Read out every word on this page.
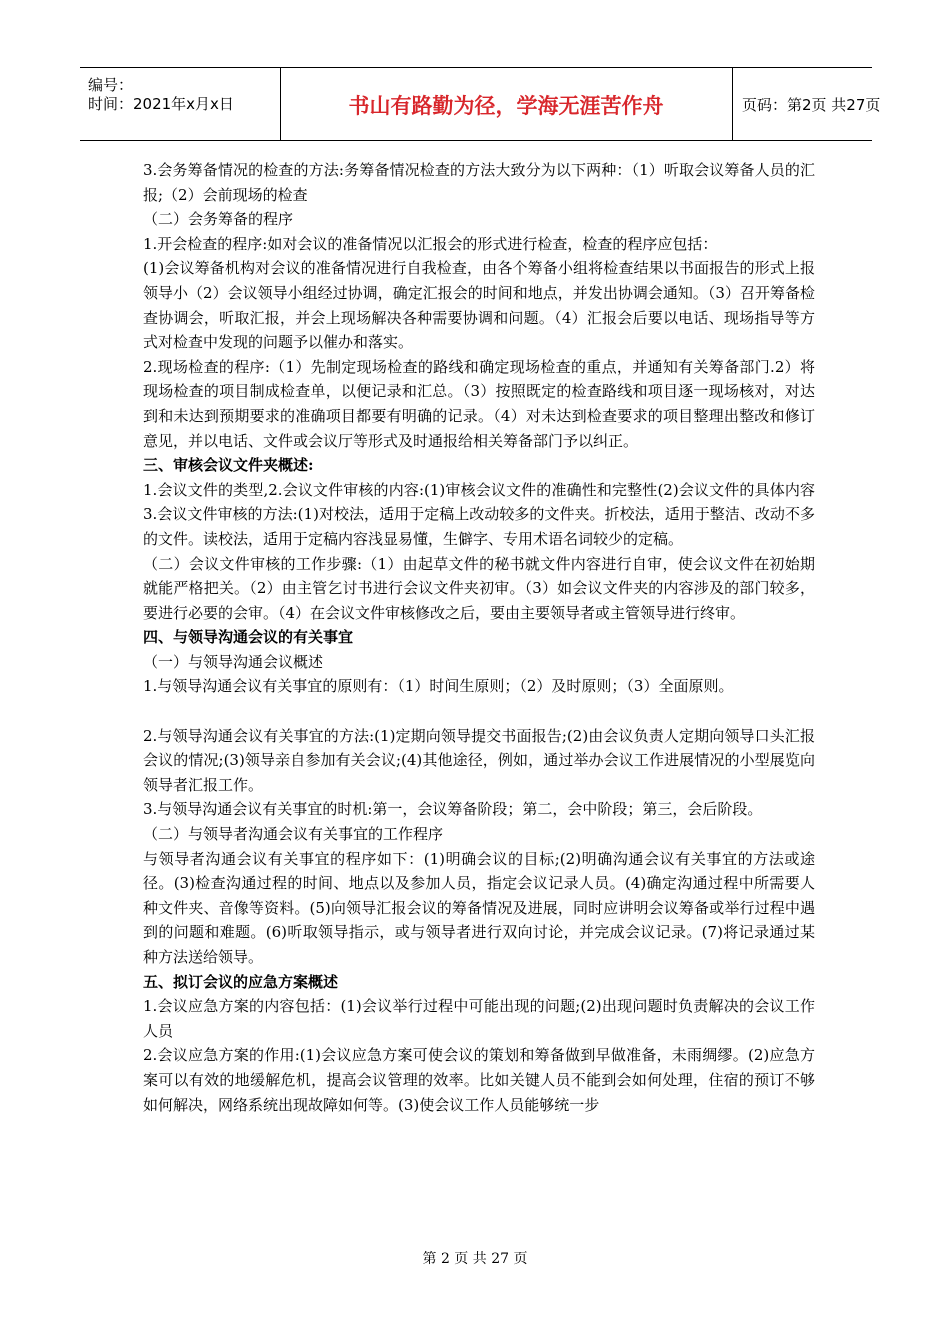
编号：
时间：2021年x月x日	书山有路勤为径，学海无涯苦作舟	页码：第2页 共27页

3.会务筹备情况的检查的方法:务筹备情况检查的方法大致分为以下两种：（1）听取会议筹备人员的汇报;（2）会前现场的检查

（二）会务筹备的程序

1.开会检查的程序:如对会议的准备情况以汇报会的形式进行检查，检查的程序应包括：

(1)会议筹备机构对会议的准备情况进行自我检查，由各个筹备小组将检查结果以书面报告的形式上报领导小（2）会议领导小组经过协调，确定汇报会的时间和地点，并发出协调会通知。（3）召开筹备检查协调会，听取汇报，并会上现场解决各种需要协调和问题。（4）汇报会后要以电话、现场指导等方式对检查中发现的问题予以催办和落实。

2.现场检查的程序:（1）先制定现场检查的路线和确定现场检查的重点，并通知有关筹备部门.2）将现场检查的项目制成检查单，以便记录和汇总。（3）按照既定的检查路线和项目逐一现场核对，对达到和未达到预期要求的准确项目都要有明确的记录。（4）对未达到检查要求的项目整理出整改和修订意见，并以电话、文件或会议厅等形式及时通报给相关筹备部门予以纠正。

三、审核会议文件夹概述:

1.会议文件的类型,2.会议文件审核的内容:(1)审核会议文件的准确性和完整性(2)会议文件的具体内容3.会议文件审核的方法:(1)对校法，适用于定稿上改动较多的文件夹。折校法，适用于整洁、改动不多的文件。读校法，适用于定稿内容浅显易懂，生僻字、专用术语名词较少的定稿。

（二）会议文件审核的工作步骤:（1）由起草文件的秘书就文件内容进行自审，使会议文件在初始期就能严格把关。（2）由主管乞讨书进行会议文件夹初审。（3）如会议文件夹的内容涉及的部门较多，要进行必要的会审。（4）在会议文件审核修改之后，要由主要领导者或主管领导进行终审。

四、与领导沟通会议的有关事宜

（一）与领导沟通会议概述

1.与领导沟通会议有关事宜的原则有：（1）时间生原则；（2）及时原则；（3）全面原则。

2.与领导沟通会议有关事宜的方法:(1)定期向领导提交书面报告;(2)由会议负责人定期向领导口头汇报会议的情况;(3)领导亲自参加有关会议;(4)其他途径，例如，通过举办会议工作进展情况的小型展览向领导者汇报工作。

3.与领导沟通会议有关事宜的时机:第一，会议筹备阶段；第二，会中阶段；第三，会后阶段。

（二）与领导者沟通会议有关事宜的工作程序

与领导者沟通会议有关事宜的程序如下：(1)明确会议的目标;(2)明确沟通会议有关事宜的方法或途径。(3)检查沟通过程的时间、地点以及参加人员，指定会议记录人员。(4)确定沟通过程中所需要人种文件夹、音像等资料。(5)向领导汇报会议的筹备情况及进展，同时应讲明会议筹备或举行过程中遇到的问题和难题。(6)听取领导指示，或与领导者进行双向讨论，并完成会议记录。(7)将记录通过某种方法送给领导。

五、拟订会议的应急方案概述

1.会议应急方案的内容包括：(1)会议举行过程中可能出现的问题;(2)出现问题时负责解决的会议工作人员

2.会议应急方案的作用:(1)会议应急方案可使会议的策划和筹备做到早做准备，未雨绸缪。(2)应急方案可以有效的地缓解危机，提高会议管理的效率。比如关键人员不能到会如何处理，住宿的预订不够如何解决，网络系统出现故障如何等。(3)使会议工作人员能够统一步

第 2 页 共 27 页
